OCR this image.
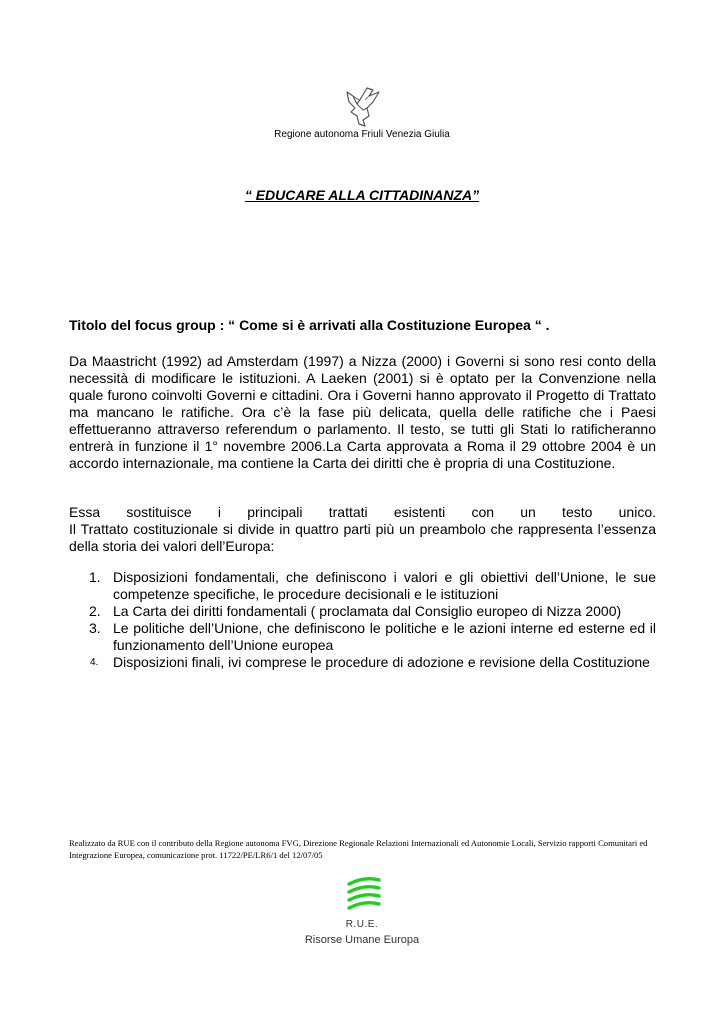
Regione autonoma Friuli Venezia Giulia
“ EDUCARE ALLA CITTADINANZA”
Titolo del focus group : “ Come si è arrivati alla Costituzione Europea “ .

Da Maastricht (1992) ad Amsterdam (1997) a Nizza (2000) i Governi si sono resi conto della necessità di modificare le istituzioni. A Laeken (2001) si è optato per la Convenzione nella quale furono coinvolti Governi e cittadini. Ora i Governi hanno approvato il Progetto di Trattato ma mancano le ratifiche. Ora c’è la fase più delicata, quella delle ratifiche che i Paesi effettueranno attraverso referendum o parlamento. Il testo, se tutti gli Stati lo ratificheranno entrerà in funzione il 1° novembre 2006.La Carta approvata a Roma il 29 ottobre 2004 è un accordo internazionale, ma contiene la Carta dei diritti che è propria di una Costituzione.

Essa sostituisce i principali trattati esistenti con un testo unico.
Il Trattato costituzionale si divide in quattro parti più un preambolo che rappresenta l’essenza della storia dei valori dell’Europa:

1. Disposizioni fondamentali, che definiscono i valori e gli obiettivi dell’Unione, le sue competenze specifiche, le procedure decisionali e le istituzioni
2. La Carta dei diritti fondamentali ( proclamata dal Consiglio europeo di Nizza 2000)
3. Le politiche dell’Unione, che definiscono le politiche e le azioni interne ed esterne ed il funzionamento dell’Unione europea
4. Disposizioni finali, ivi comprese le procedure di adozione e revisione della Costituzione

Realizzato da RUE con il contributo della Regione autonoma FVG, Direzione Regionale Relazioni Internazionali ed Autonomie Locali, Servizio rapporti Comunitari ed Integrazione Europea, comunicazione prot. 11722/PE/LR6/1 del 12/07/05

R.U.E.
Risorse Umane Europa
